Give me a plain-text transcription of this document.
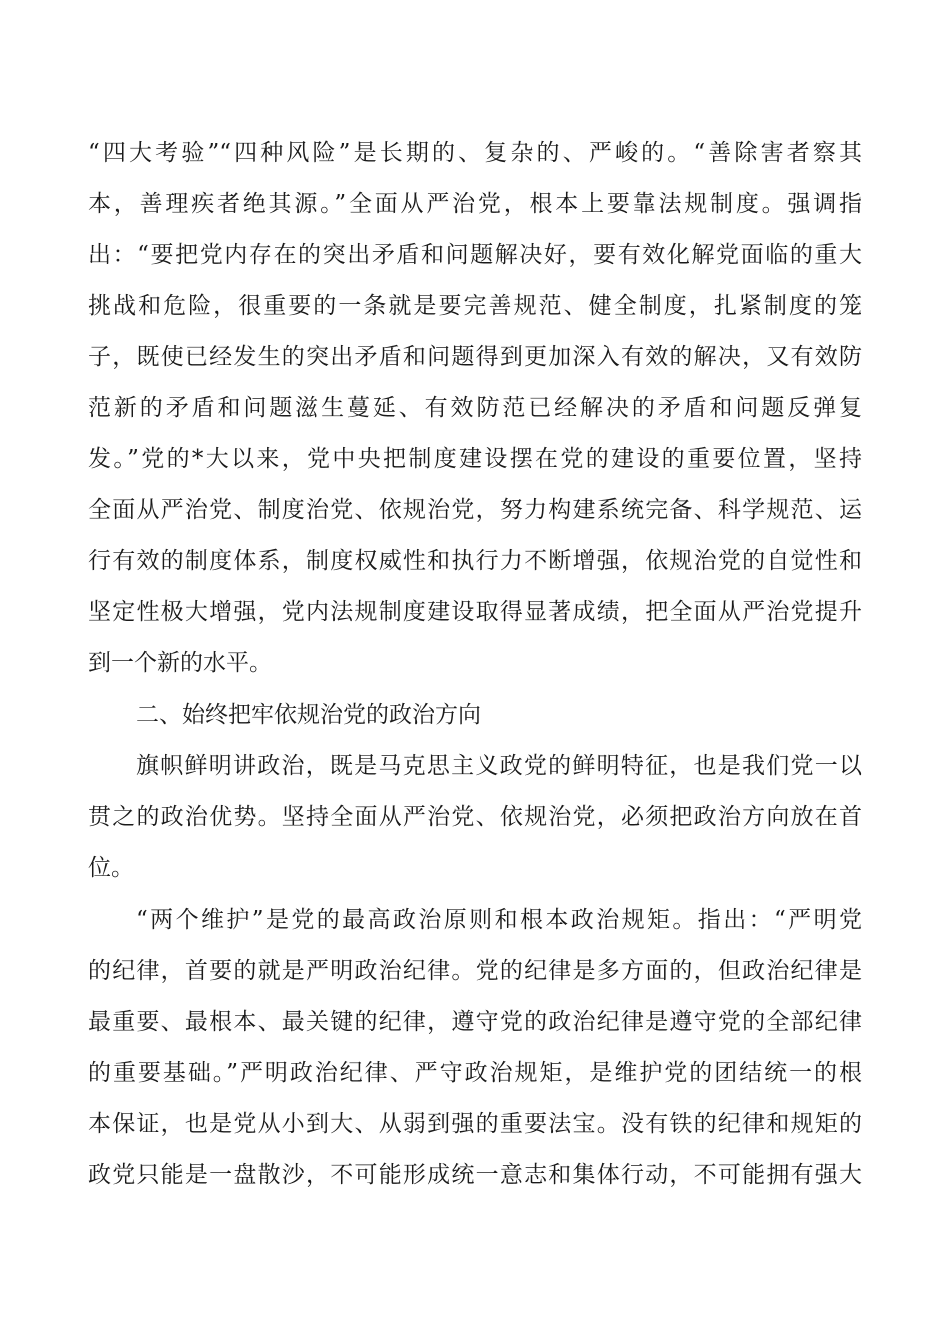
“四大考验”“四种风险”是长期的、复杂的、严峻的。“善除害者察其
本，善理疾者绝其源。”全面从严治党，根本上要靠法规制度。强调指
出：“要把党内存在的突出矛盾和问题解决好，要有效化解党面临的重大
挑战和危险，很重要的一条就是要完善规范、健全制度，扎紧制度的笼
子，既使已经发生的突出矛盾和问题得到更加深入有效的解决，又有效防
范新的矛盾和问题滋生蔓延、有效防范已经解决的矛盾和问题反弹复
发。”党的*大以来，党中央把制度建设摆在党的建设的重要位置，坚持
全面从严治党、制度治党、依规治党，努力构建系统完备、科学规范、运
行有效的制度体系，制度权威性和执行力不断增强，依规治党的自觉性和
坚定性极大增强，党内法规制度建设取得显著成绩，把全面从严治党提升
到一个新的水平。
二、始终把牢依规治党的政治方向
旗帜鲜明讲政治，既是马克思主义政党的鲜明特征，也是我们党一以
贯之的政治优势。坚持全面从严治党、依规治党，必须把政治方向放在首
位。
“两个维护”是党的最高政治原则和根本政治规矩。指出：“严明党
的纪律，首要的就是严明政治纪律。党的纪律是多方面的，但政治纪律是
最重要、最根本、最关键的纪律，遵守党的政治纪律是遵守党的全部纪律
的重要基础。”严明政治纪律、严守政治规矩，是维护党的团结统一的根
本保证，也是党从小到大、从弱到强的重要法宝。没有铁的纪律和规矩的
政党只能是一盘散沙，不可能形成统一意志和集体行动，不可能拥有强大
